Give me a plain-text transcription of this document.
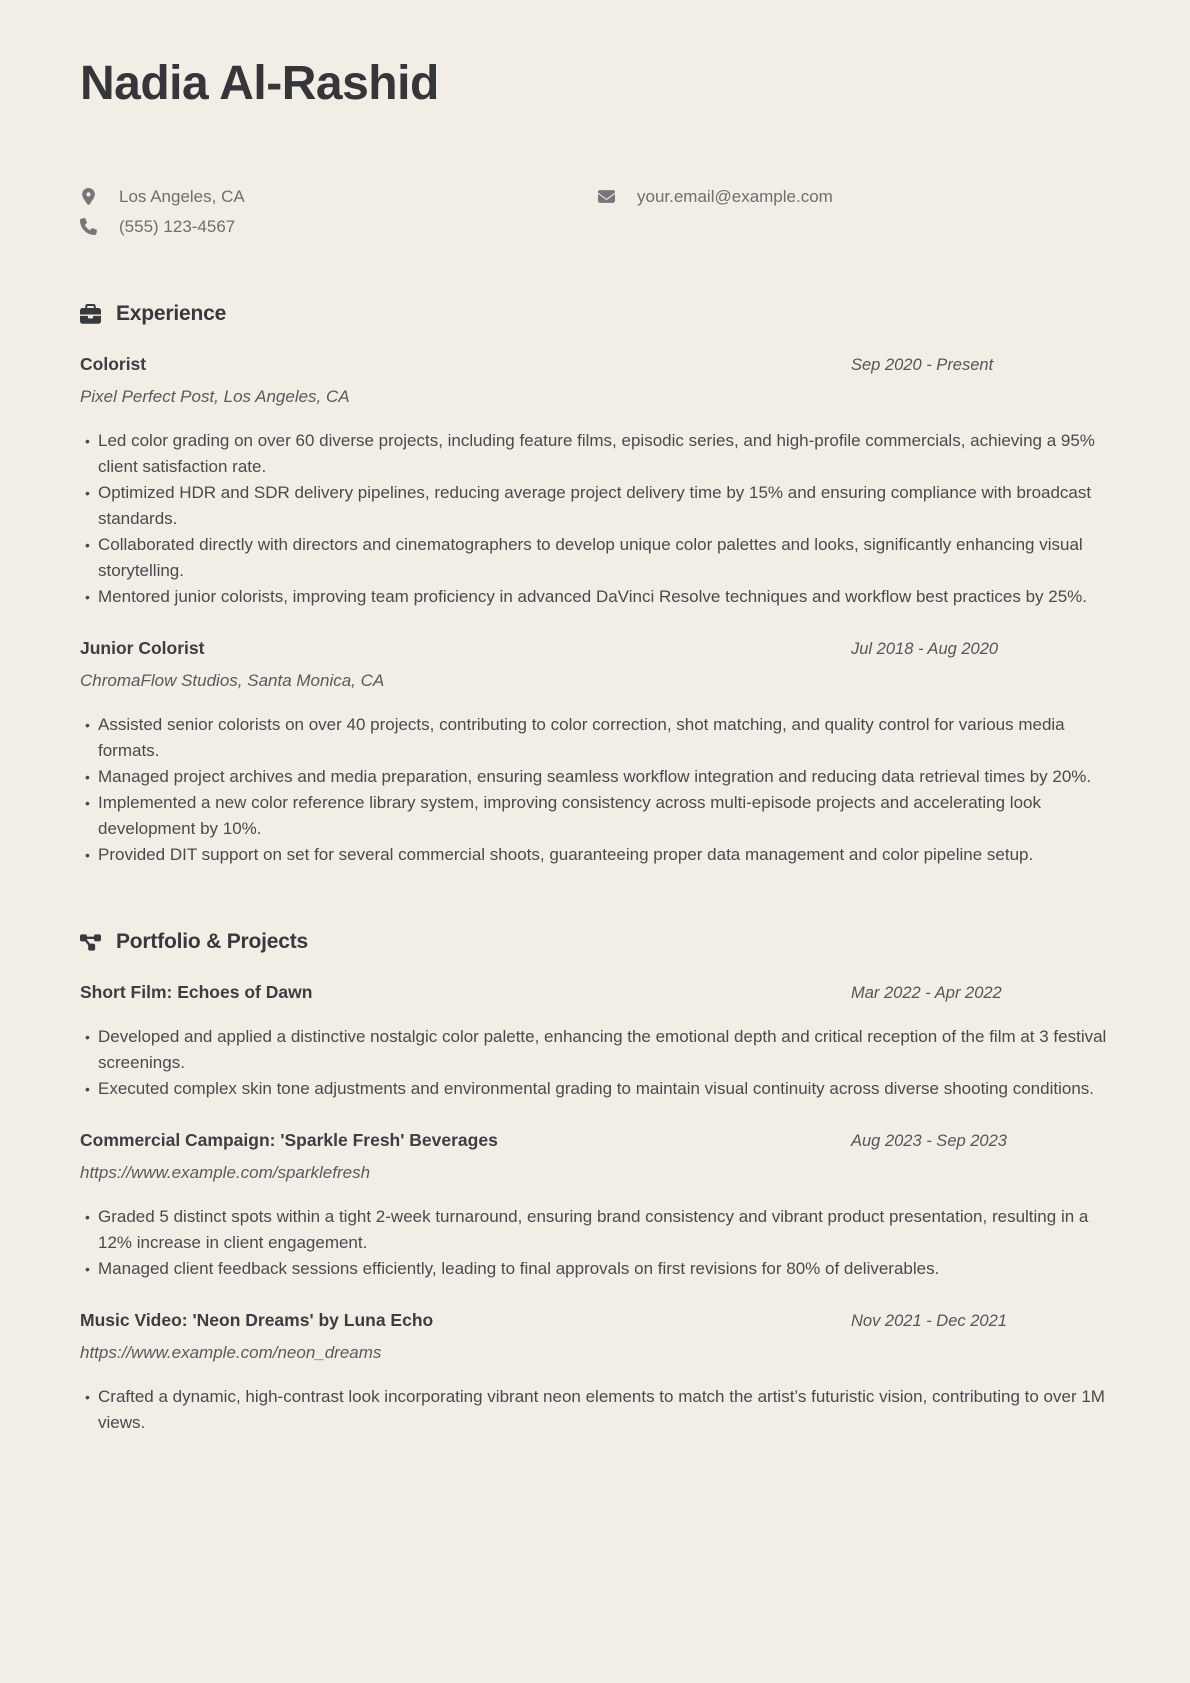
Nadia Al-Rashid
Los Angeles, CA
(555) 123-4567
your.email@example.com
Experience
Colorist	Sep 2020 - Present
Pixel Perfect Post, Los Angeles, CA
• Led color grading on over 60 diverse projects, including feature films, episodic series, and high-profile commercials, achieving a 95% client satisfaction rate.
• Optimized HDR and SDR delivery pipelines, reducing average project delivery time by 15% and ensuring compliance with broadcast standards.
• Collaborated directly with directors and cinematographers to develop unique color palettes and looks, significantly enhancing visual storytelling.
• Mentored junior colorists, improving team proficiency in advanced DaVinci Resolve techniques and workflow best practices by 25%.
Junior Colorist	Jul 2018 - Aug 2020
ChromaFlow Studios, Santa Monica, CA
• Assisted senior colorists on over 40 projects, contributing to color correction, shot matching, and quality control for various media formats.
• Managed project archives and media preparation, ensuring seamless workflow integration and reducing data retrieval times by 20%.
• Implemented a new color reference library system, improving consistency across multi-episode projects and accelerating look development by 10%.
• Provided DIT support on set for several commercial shoots, guaranteeing proper data management and color pipeline setup.
Portfolio & Projects
Short Film: Echoes of Dawn	Mar 2022 - Apr 2022
• Developed and applied a distinctive nostalgic color palette, enhancing the emotional depth and critical reception of the film at 3 festival screenings.
• Executed complex skin tone adjustments and environmental grading to maintain visual continuity across diverse shooting conditions.
Commercial Campaign: 'Sparkle Fresh' Beverages	Aug 2023 - Sep 2023
https://www.example.com/sparklefresh
• Graded 5 distinct spots within a tight 2-week turnaround, ensuring brand consistency and vibrant product presentation, resulting in a 12% increase in client engagement.
• Managed client feedback sessions efficiently, leading to final approvals on first revisions for 80% of deliverables.
Music Video: 'Neon Dreams' by Luna Echo	Nov 2021 - Dec 2021
https://www.example.com/neon_dreams
• Crafted a dynamic, high-contrast look incorporating vibrant neon elements to match the artist’s futuristic vision, contributing to over 1M views.
